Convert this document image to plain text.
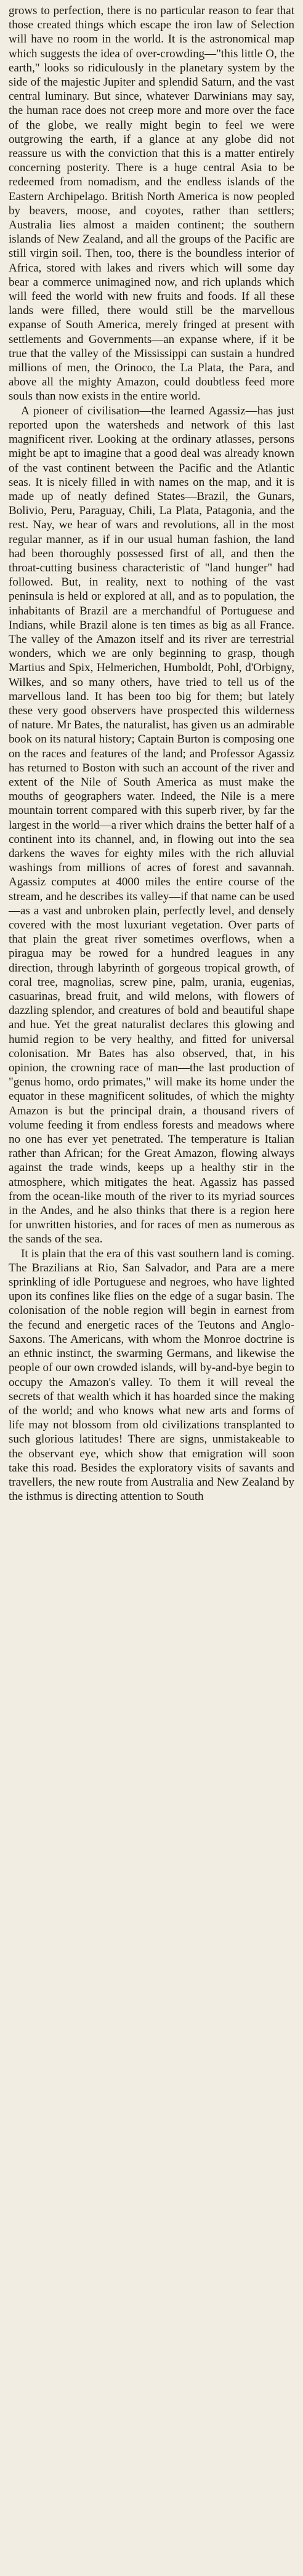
grows to perfection, there is no particular reason to fear that those created things which escape the iron law of Selection will have no room in the world. It is the astronomical map which suggests the idea of over-crowding—"this little O, the earth," looks so ridiculously in the planetary system by the side of the majestic Jupiter and splendid Saturn, and the vast central luminary. But since, whatever Darwinians may say, the human race does not creep more and more over the face of the globe, we really might begin to feel we were outgrowing the earth, if a glance at any globe did not reassure us with the conviction that this is a matter entirely concerning posterity. There is a huge central Asia to be redeemed from nomadism, and the endless islands of the Eastern Archipelago. British North America is now peopled by beavers, moose, and coyotes, rather than settlers; Australia lies almost a maiden continent; the southern islands of New Zealand, and all the groups of the Pacific are still virgin soil. Then, too, there is the boundless interior of Africa, stored with lakes and rivers which will some day bear a commerce unimagined now, and rich uplands which will feed the world with new fruits and foods. If all these lands were filled, there would still be the marvellous expanse of South America, merely fringed at present with settlements and Governments—an expanse where, if it be true that the valley of the Mississippi can sustain a hundred millions of men, the Orinoco, the La Plata, the Para, and above all the mighty Amazon, could doubtless feed more souls than now exists in the entire world.

A pioneer of civilisation—the learned Agassiz—has just reported upon the watersheds and network of this last magnificent river. Looking at the ordinary atlasses, persons might be apt to imagine that a good deal was already known of the vast continent between the Pacific and the Atlantic seas. It is nicely filled in with names on the map, and it is made up of neatly defined States—Brazil, the Gunars, Bolivio, Peru, Paraguay, Chili, La Plata, Patagonia, and the rest. Nay, we hear of wars and revolutions, all in the most regular manner, as if in our usual human fashion, the land had been thoroughly possessed first of all, and then the throat-cutting business characteristic of "land hunger" had followed. But, in reality, next to nothing of the vast peninsula is held or explored at all, and as to population, the inhabitants of Brazil are a merchandful of Portuguese and Indians, while Brazil alone is ten times as big as all France. The valley of the Amazon itself and its river are terrestrial wonders, which we are only beginning to grasp, though Martius and Spix, Helmerichen, Humboldt, Pohl, d'Orbigny, Wilkes, and so many others, have tried to tell us of the marvellous land. It has been too big for them; but lately these very good observers have prospected this wilderness of nature. Mr Bates, the naturalist, has given us an admirable book on its natural history; Captain Burton is composing one on the races and features of the land; and Professor Agassiz has returned to Boston with such an account of the river and extent of the Nile of South America as must make the mouths of geographers water. Indeed, the Nile is a mere mountain torrent compared with this superb river, by far the largest in the world—a river which drains the better half of a continent into its channel, and, in flowing out into the sea darkens the waves for eighty miles with the rich alluvial washings from millions of acres of forest and savannah. Agassiz computes at 4000 miles the entire course of the stream, and he describes its valley—if that name can be used—as a vast and unbroken plain, perfectly level, and densely covered with the most luxuriant vegetation. Over parts of that plain the great river sometimes overflows, when a piragua may be rowed for a hundred leagues in any direction, through labyrinth of gorgeous tropical growth, of coral tree, magnolias, screw pine, palm, urania, eugenias, casuarinas, bread fruit, and wild melons, with flowers of dazzling splendor, and creatures of bold and beautiful shape and hue. Yet the great naturalist declares this glowing and humid region to be very healthy, and fitted for universal colonisation. Mr Bates has also observed, that, in his opinion, the crowning race of man—the last production of "genus homo, ordo primates," will make its home under the equator in these magnificent solitudes, of which the mighty Amazon is but the principal drain, a thousand rivers of volume feeding it from endless forests and meadows where no one has ever yet penetrated. The temperature is Italian rather than African; for the Great Amazon, flowing always against the trade winds, keeps up a healthy stir in the atmosphere, which mitigates the heat. Agassiz has passed from the ocean-like mouth of the river to its myriad sources in the Andes, and he also thinks that there is a region here for unwritten histories, and for races of men as numerous as the sands of the sea.

It is plain that the era of this vast southern land is coming. The Brazilians at Rio, San Salvador, and Para are a mere sprinkling of idle Portuguese and negroes, who have lighted upon its confines like flies on the edge of a sugar basin. The colonisation of the noble region will begin in earnest from the fecund and energetic races of the Teutons and Anglo-Saxons. The Americans, with whom the Monroe doctrine is an ethnic instinct, the swarming Germans, and likewise the people of our own crowded islands, will by-and-bye begin to occupy the Amazon's valley. To them it will reveal the secrets of that wealth which it has hoarded since the making of the world; and who knows what new arts and forms of life may not blossom from old civilizations transplanted to such glorious latitudes! There are signs, unmistakeable to the observant eye, which show that emigration will soon take this road. Besides the exploratory visits of savants and travellers, the new route from Australia and New Zealand by the isthmus is directing attention to South
